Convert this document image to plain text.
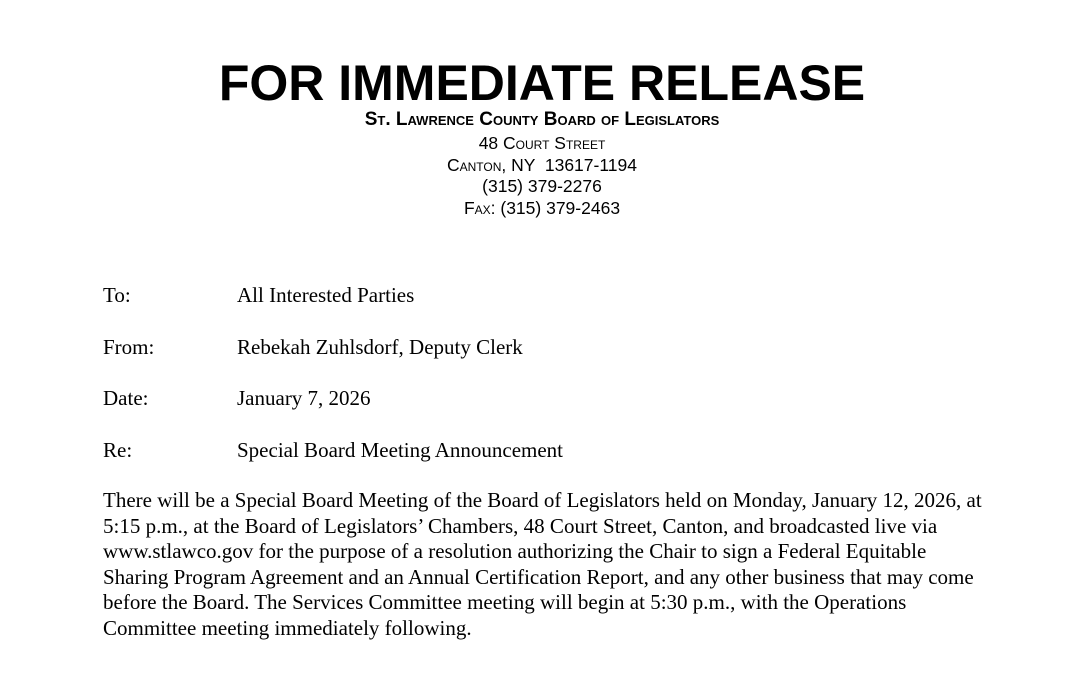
FOR IMMEDIATE RELEASE
St. Lawrence County Board of Legislators
48 Court Street
Canton, NY  13617-1194
(315) 379-2276
Fax: (315) 379-2463
To:	All Interested Parties
From:	Rebekah Zuhlsdorf, Deputy Clerk
Date:	January 7, 2026
Re:	Special Board Meeting Announcement
There will be a Special Board Meeting of the Board of Legislators held on Monday, January 12, 2026, at 5:15 p.m., at the Board of Legislators’ Chambers, 48 Court Street, Canton, and broadcasted live via www.stlawco.gov for the purpose of a resolution authorizing the Chair to sign a Federal Equitable Sharing Program Agreement and an Annual Certification Report, and any other business that may come before the Board. The Services Committee meeting will begin at 5:30 p.m., with the Operations Committee meeting immediately following.
